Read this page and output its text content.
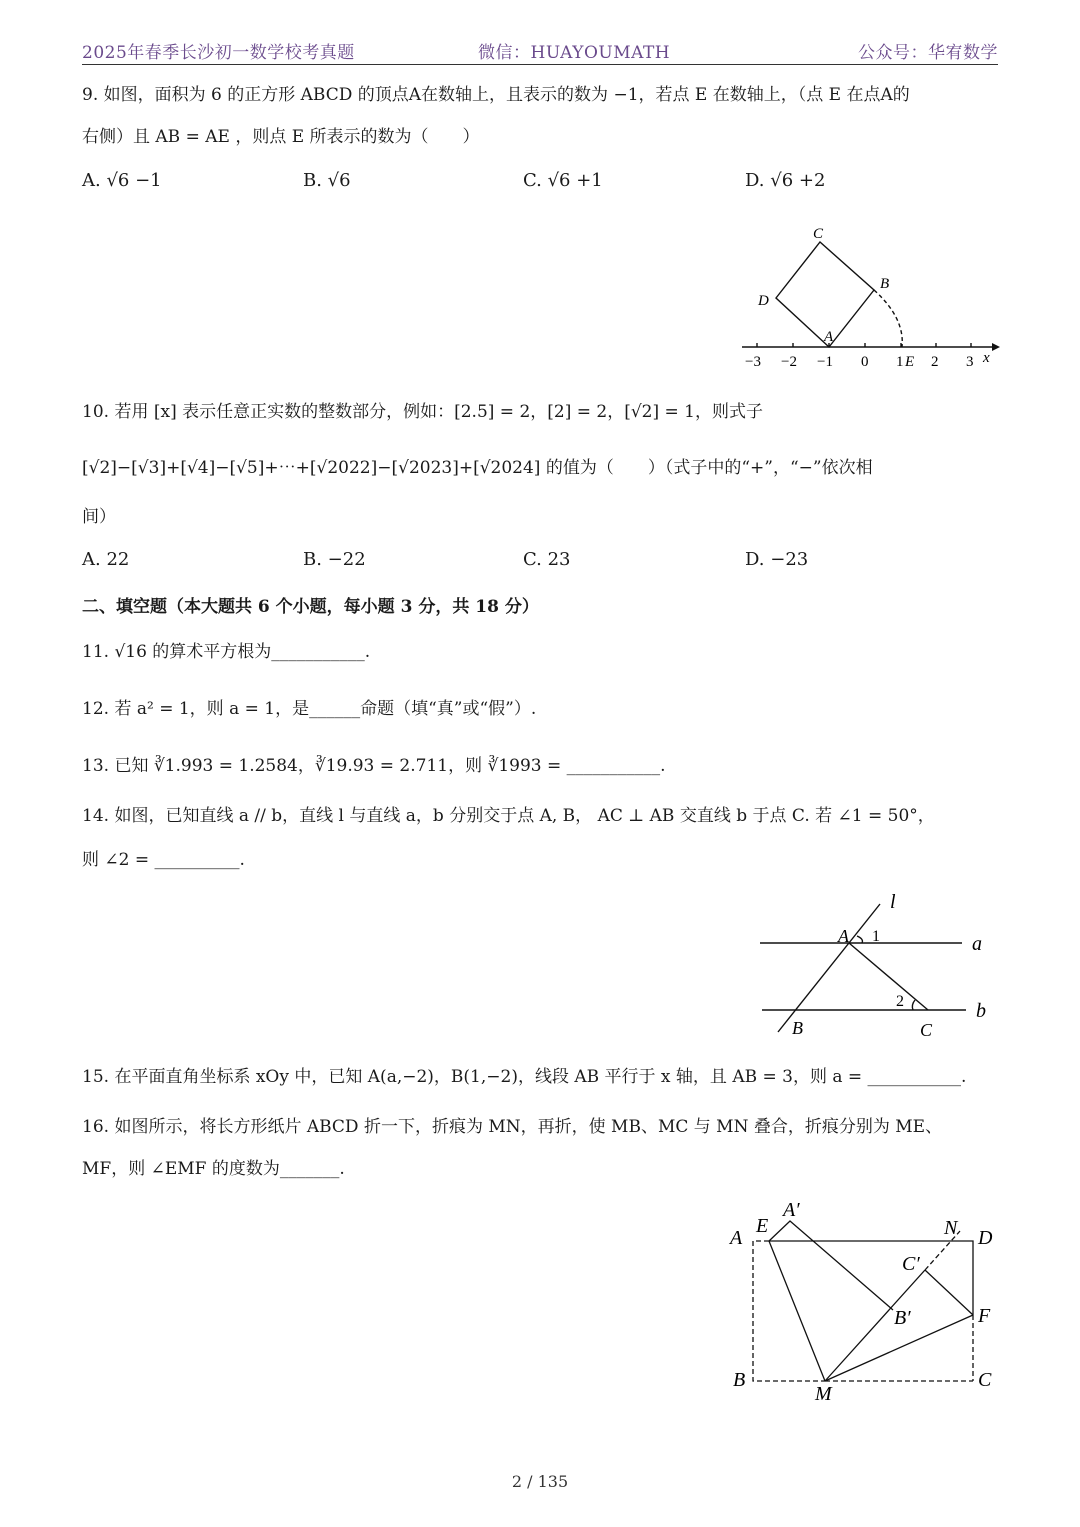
2025年春季长沙初一数学校考真题	微信：HUAYOUMATH	公众号：华宥数学
9. 如图，面积为 6 的正方形 ABCD 的顶点A在数轴上，且表示的数为 −1，若点 E 在数轴上，（点 E 在点A的
右侧）且 AB = AE ，则点 E 所表示的数为（　　）
A. √6 −1	B. √6	C. √6 +1	D. √6 +2
C
B
D
A
−3 −2 −1 0 1 E 2 3 x
10. 若用 [x] 表示任意正实数的整数部分，例如：[2.5] = 2，[2] = 2，[√2] = 1，则式子
[√2]−[√3]+[√4]−[√5]+⋯+[√2022]−[√2023]+[√2024] 的值为（　　）（式子中的“+”，“−”依次相
间）
A. 22	B. −22	C. 23	D. −23
二、填空题（本大题共 6 个小题，每小题 3 分，共 18 分）
11. √16 的算术平方根为___________.
12. 若 a² = 1，则 a = 1，是______命题（填“真”或“假”）.
13. 已知 ∛1.993 = 1.2584，∛19.93 = 2.711，则 ∛1993 = ___________.
14. 如图，已知直线 a // b，直线 l 与直线 a，b 分别交于点 A, B， AC ⊥ AB 交直线 b 于点 C. 若 ∠1 = 50°，
则 ∠2 = __________.
l
A 1	a
2	b
B	C
15. 在平面直角坐标系 xOy 中，已知 A(a,−2)，B(1,−2)，线段 AB 平行于 x 轴，且 AB = 3，则 a = ___________.
16. 如图所示，将长方形纸片 ABCD 折一下，折痕为 MN，再折，使 MB、MC 与 MN 叠合，折痕分别为 ME、
MF，则 ∠EMF 的度数为_______.
A
E
A′
N D
C′
B′	F
B
M
C
2 / 135
